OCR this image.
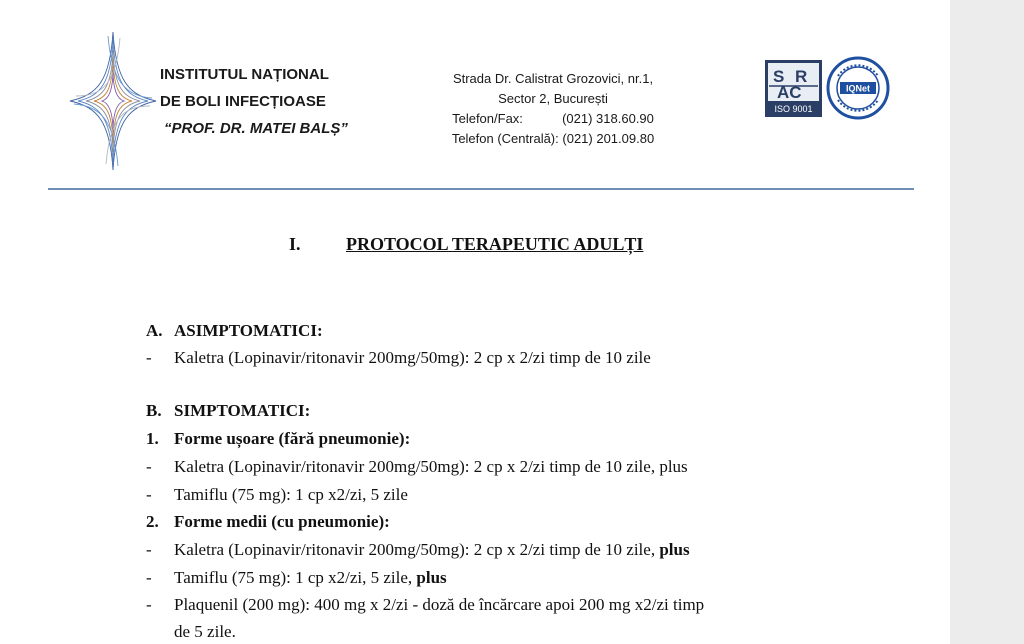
INSTITUTUL NAȚIONAL
DE BOLI INFECȚIOASE
“PROF. DR. MATEI BALȘ”
Strada Dr. Calistrat Grozovici, nr.1,
Sector 2, București
Telefon/Fax:	(021) 318.60.90
Telefon (Centrală): (021) 201.09.80
S R
AC
ISO 9001
IQNet
I.	PROTOCOL TERAPEUTIC ADULȚI
A. ASIMPTOMATICI:
- Kaletra (Lopinavir/ritonavir 200mg/50mg): 2 cp x 2/zi timp de 10 zile
B. SIMPTOMATICI:
1. Forme ușoare (fără pneumonie):
- Kaletra (Lopinavir/ritonavir 200mg/50mg): 2 cp x 2/zi timp de 10 zile, plus
- Tamiflu (75 mg): 1 cp x2/zi, 5 zile
2. Forme medii (cu pneumonie):
- Kaletra (Lopinavir/ritonavir 200mg/50mg): 2 cp x 2/zi timp de 10 zile, plus
- Tamiflu (75 mg): 1 cp x2/zi, 5 zile, plus
- Plaquenil (200 mg): 400 mg x 2/zi - doză de încărcare apoi 200 mg x2/zi timp
de 5 zile.
